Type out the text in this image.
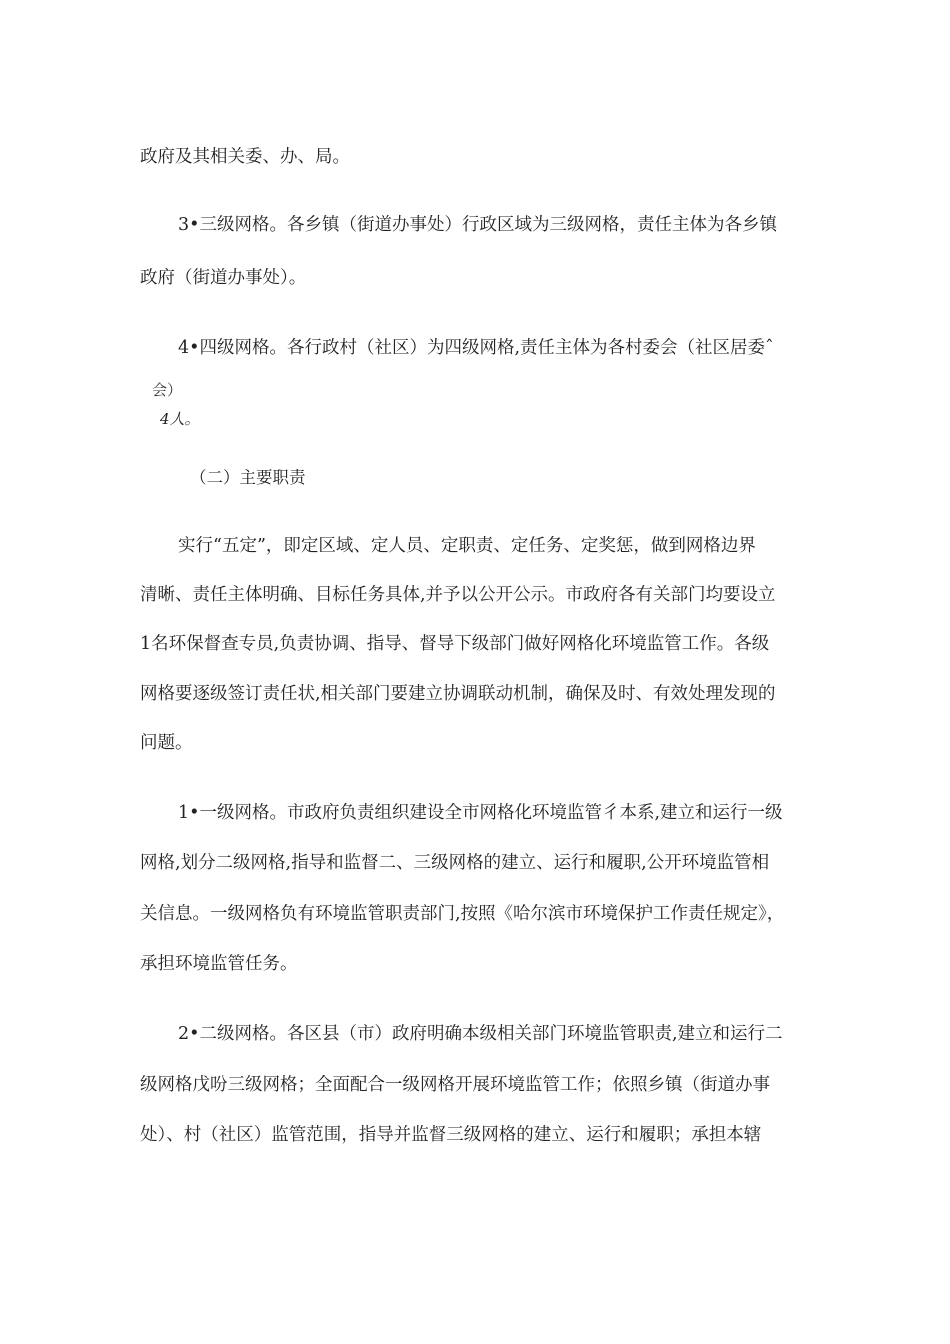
政府及其相关委、办、局。
3•三级网格。各乡镇（街道办事处）行政区域为三级网格，责任主体为各乡镇
政府（街道办事处）。
4•四级网格。各行政村（社区）为四级网格,责任主体为各村委会（社区居委ˆ
会）
4人。
（二）主要职责
实行“五定”，即定区域、定人员、定职责、定任务、定奖惩，做到网格边界
清晰、责任主体明确、目标任务具体,并予以公开公示。市政府各有关部门均要设立
1名环保督查专员,负责协调、指导、督导下级部门做好网格化环境监管工作。各级
网格要逐级签订责任状,相关部门要建立协调联动机制，确保及时、有效处理发现的
问题。
1•一级网格。市政府负责组织建设全市网格化环境监管彳本系,建立和运行一级
网格,划分二级网格,指导和监督二、三级网格的建立、运行和履职,公开环境监管相
关信息。一级网格负有环境监管职责部门,按照《哈尔滨市环境保护工作责任规定》，
承担环境监管任务。
2•二级网格。各区县（市）政府明确本级相关部门环境监管职责,建立和运行二
级网格戊吩三级网格；全面配合一级网格开展环境监管工作；依照乡镇（街道办事
处）、村（社区）监管范围，指导并监督三级网格的建立、运行和履职；承担本辖
